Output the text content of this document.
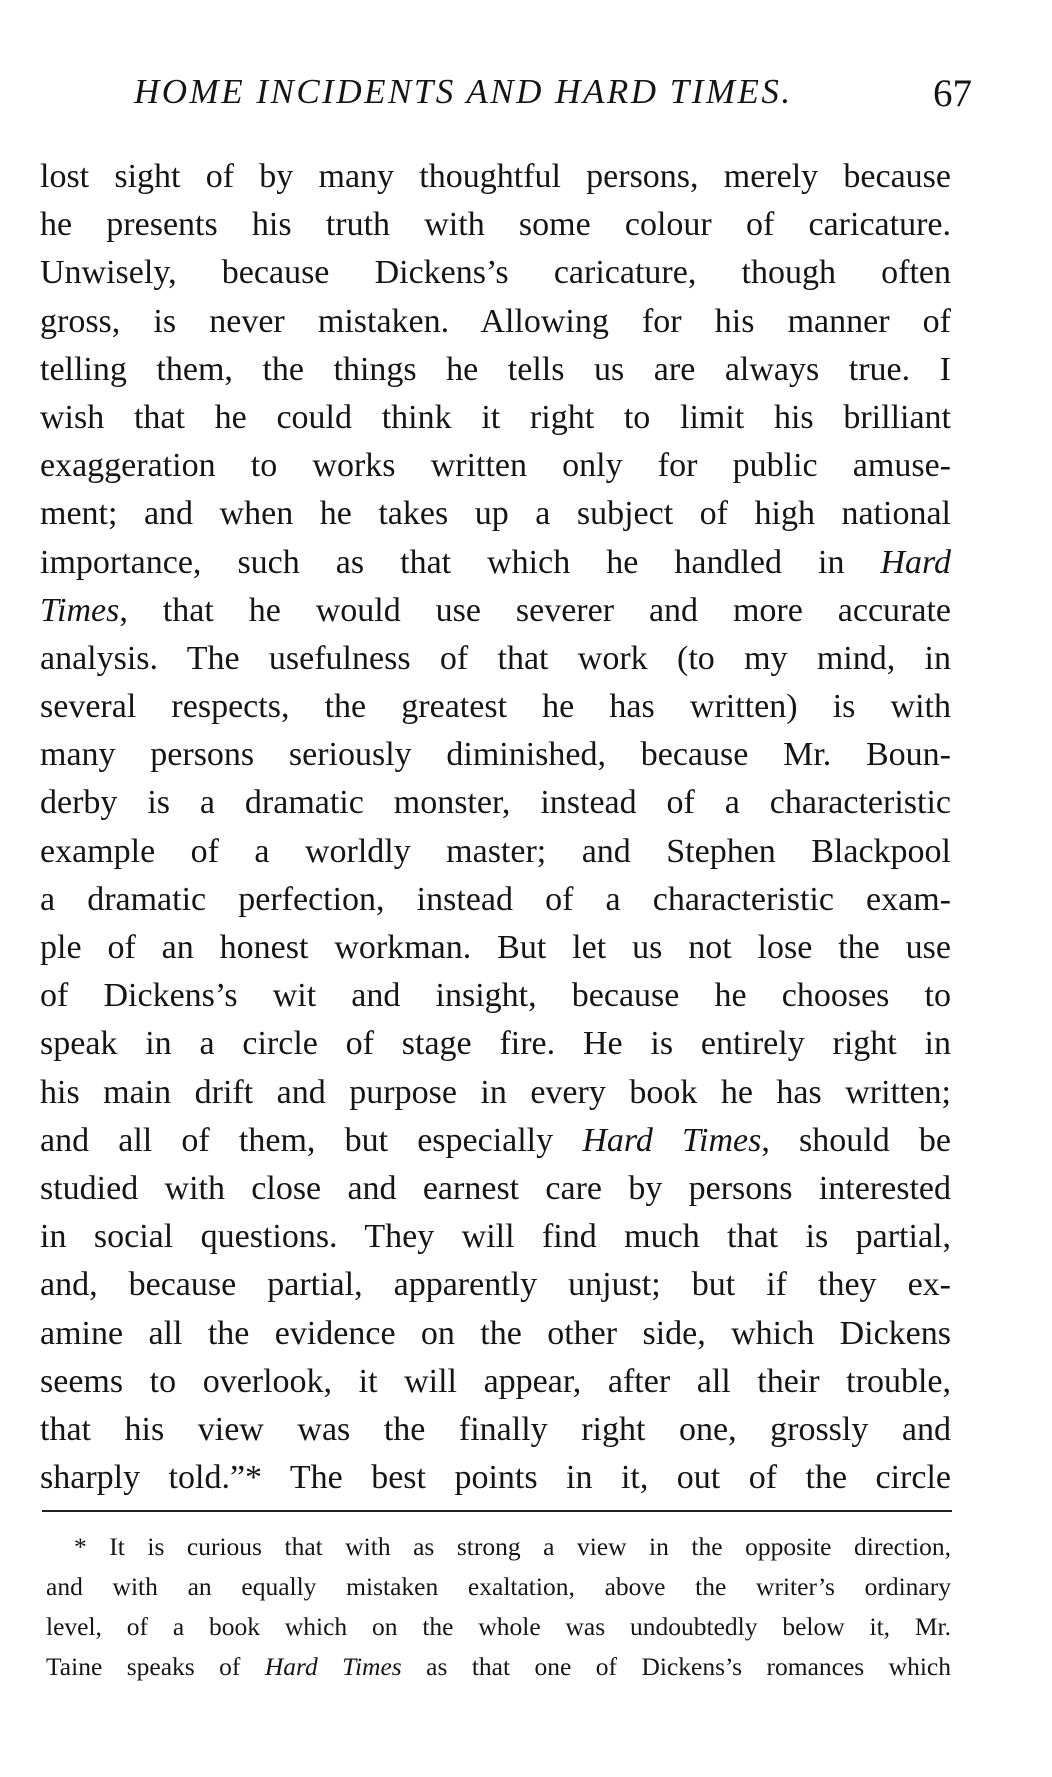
HOME INCIDENTS AND HARD TIMES.	67
lost sight of by many thoughtful persons, merely because
he presents his truth with some colour of caricature.
Unwisely, because Dickens’s caricature, though often
gross, is never mistaken. Allowing for his manner of
telling them, the things he tells us are always true. I
wish that he could think it right to limit his brilliant
exaggeration to works written only for public amuse-
ment; and when he takes up a subject of high national
importance, such as that which he handled in Hard
Times, that he would use severer and more accurate
analysis. The usefulness of that work (to my mind, in
several respects, the greatest he has written) is with
many persons seriously diminished, because Mr. Boun-
derby is a dramatic monster, instead of a characteristic
example of a worldly master; and Stephen Blackpool
a dramatic perfection, instead of a characteristic exam-
ple of an honest workman. But let us not lose the use
of Dickens’s wit and insight, because he chooses to
speak in a circle of stage fire. He is entirely right in
his main drift and purpose in every book he has written;
and all of them, but especially Hard Times, should be
studied with close and earnest care by persons interested
in social questions. They will find much that is partial,
and, because partial, apparently unjust; but if they ex-
amine all the evidence on the other side, which Dickens
seems to overlook, it will appear, after all their trouble,
that his view was the finally right one, grossly and
sharply told.”* The best points in it, out of the circle
* It is curious that with as strong a view in the opposite direction,
and with an equally mistaken exaltation, above the writer’s ordinary
level, of a book which on the whole was undoubtedly below it, Mr.
Taine speaks of Hard Times as that one of Dickens’s romances which
